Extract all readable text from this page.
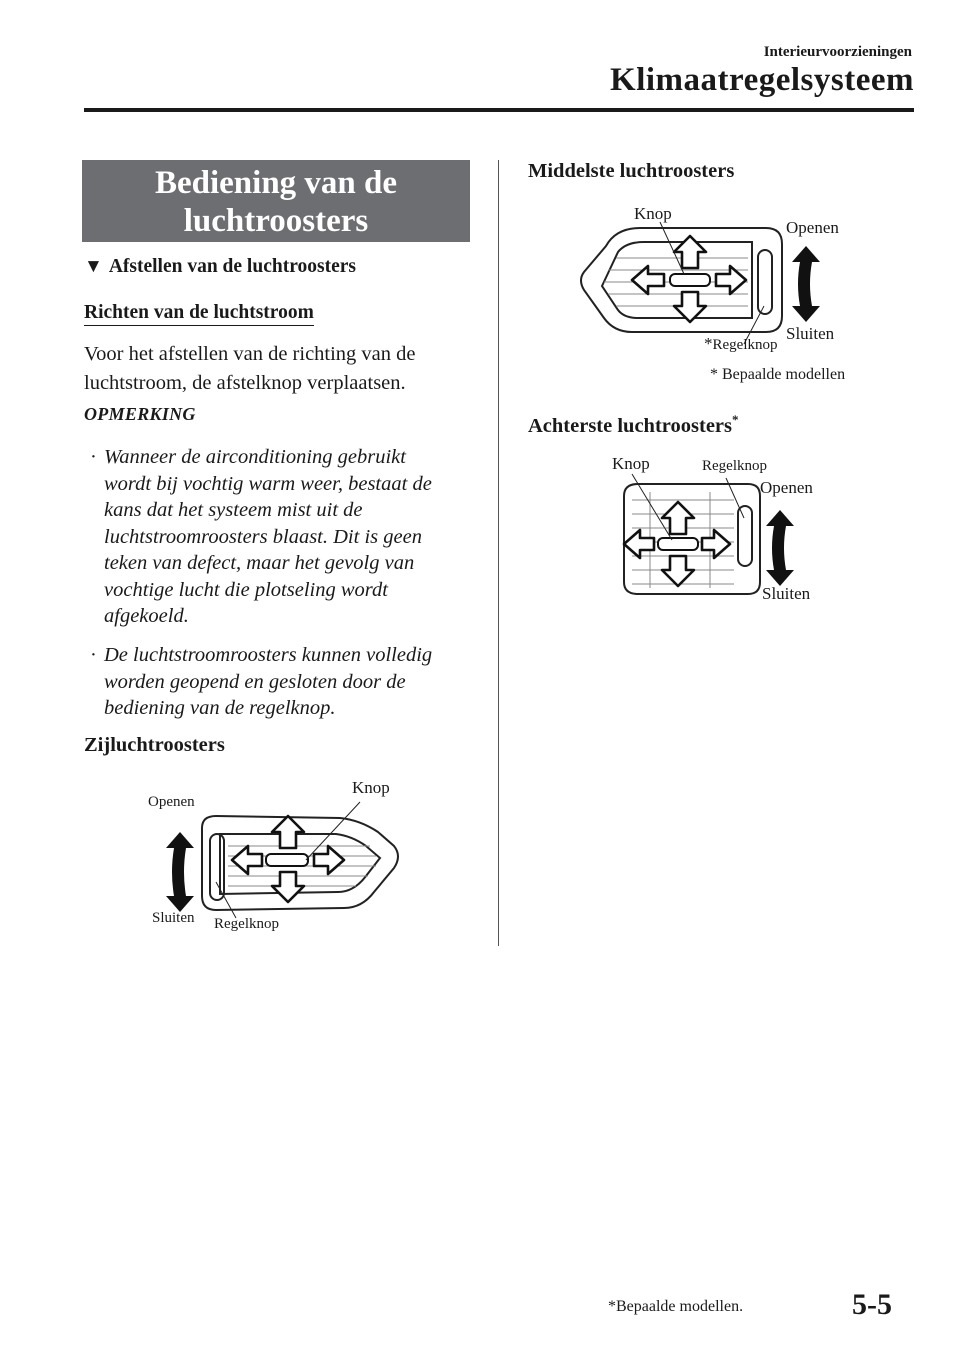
Interieurvoorzieningen
Klimaatregelsysteem
Bediening van de
luchtroosters
▼ Afstellen van de luchtroosters
Richten van de luchtstroom
Voor het afstellen van de richting van de
luchtstroom, de afstelknop verplaatsen.
OPMERKING
· Wanneer de airconditioning gebruikt
wordt bij vochtig warm weer, bestaat de
kans dat het systeem mist uit de
luchtstroomroosters blaast. Dit is geen
teken van defect, maar het gevolg van
vochtige lucht die plotseling wordt
afgekoeld.
· De luchtstroomroosters kunnen volledig
worden geopend en gesloten door de
bediening van de regelknop.
Zijluchtroosters
Openen
Sluiten
Knop
Regelknop
Middelste luchtroosters
Knop
Openen
Sluiten
*Regelknop
* Bepaalde modellen
Achterste luchtroosters*
Knop	Regelknop
Openen
Sluiten
*Bepaalde modellen.	5-5
